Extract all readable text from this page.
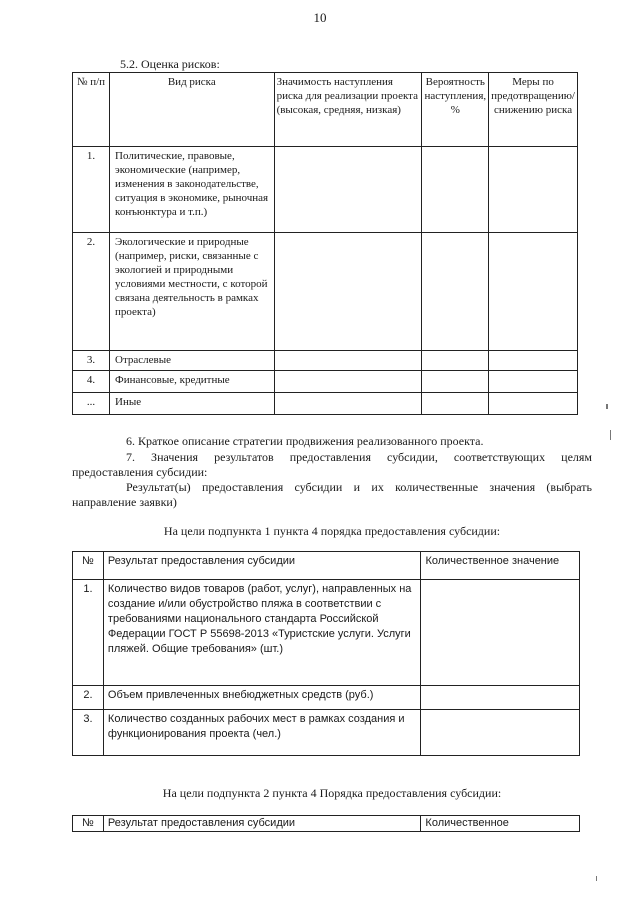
10
5.2. Оценка рисков:
№ п/п	Вид риска	Значимость наступления риска для реализации проекта (высокая, средняя, низкая)	Вероятность наступления, %	Меры по предотвращению/снижению риска
1.	Политические, правовые, экономические (например, изменения в законодательстве, ситуация в экономике, рыночная конъюнктура и т.п.)			
2.	Экологические и природные (например, риски, связанные с экологией и природными условиями местности, с которой связана деятельность в рамках проекта)			
3.	Отраслевые			
4.	Финансовые, кредитные			
...	Иные			
6. Краткое описание стратегии продвижения реализованного проекта.
7. Значения результатов предоставления субсидии, соответствующих целям предоставления субсидии:
Результат(ы) предоставления субсидии и их количественные значения (выбрать направление заявки)
На цели подпункта 1 пункта 4 порядка предоставления субсидии:
№	Результат предоставления субсидии	Количественное значение
1.	Количество видов товаров (работ, услуг), направленных на создание и/или обустройство пляжа в соответствии с требованиями национального стандарта Российской Федерации ГОСТ Р 55698-2013 «Туристские услуги. Услуги пляжей. Общие требования» (шт.)	
2.	Объем привлеченных внебюджетных средств (руб.)	
3.	Количество созданных рабочих мест в рамках создания и функционирования проекта (чел.)	
На цели подпункта 2 пункта 4 Порядка предоставления субсидии:
№	Результат предоставления субсидии	Количественное
